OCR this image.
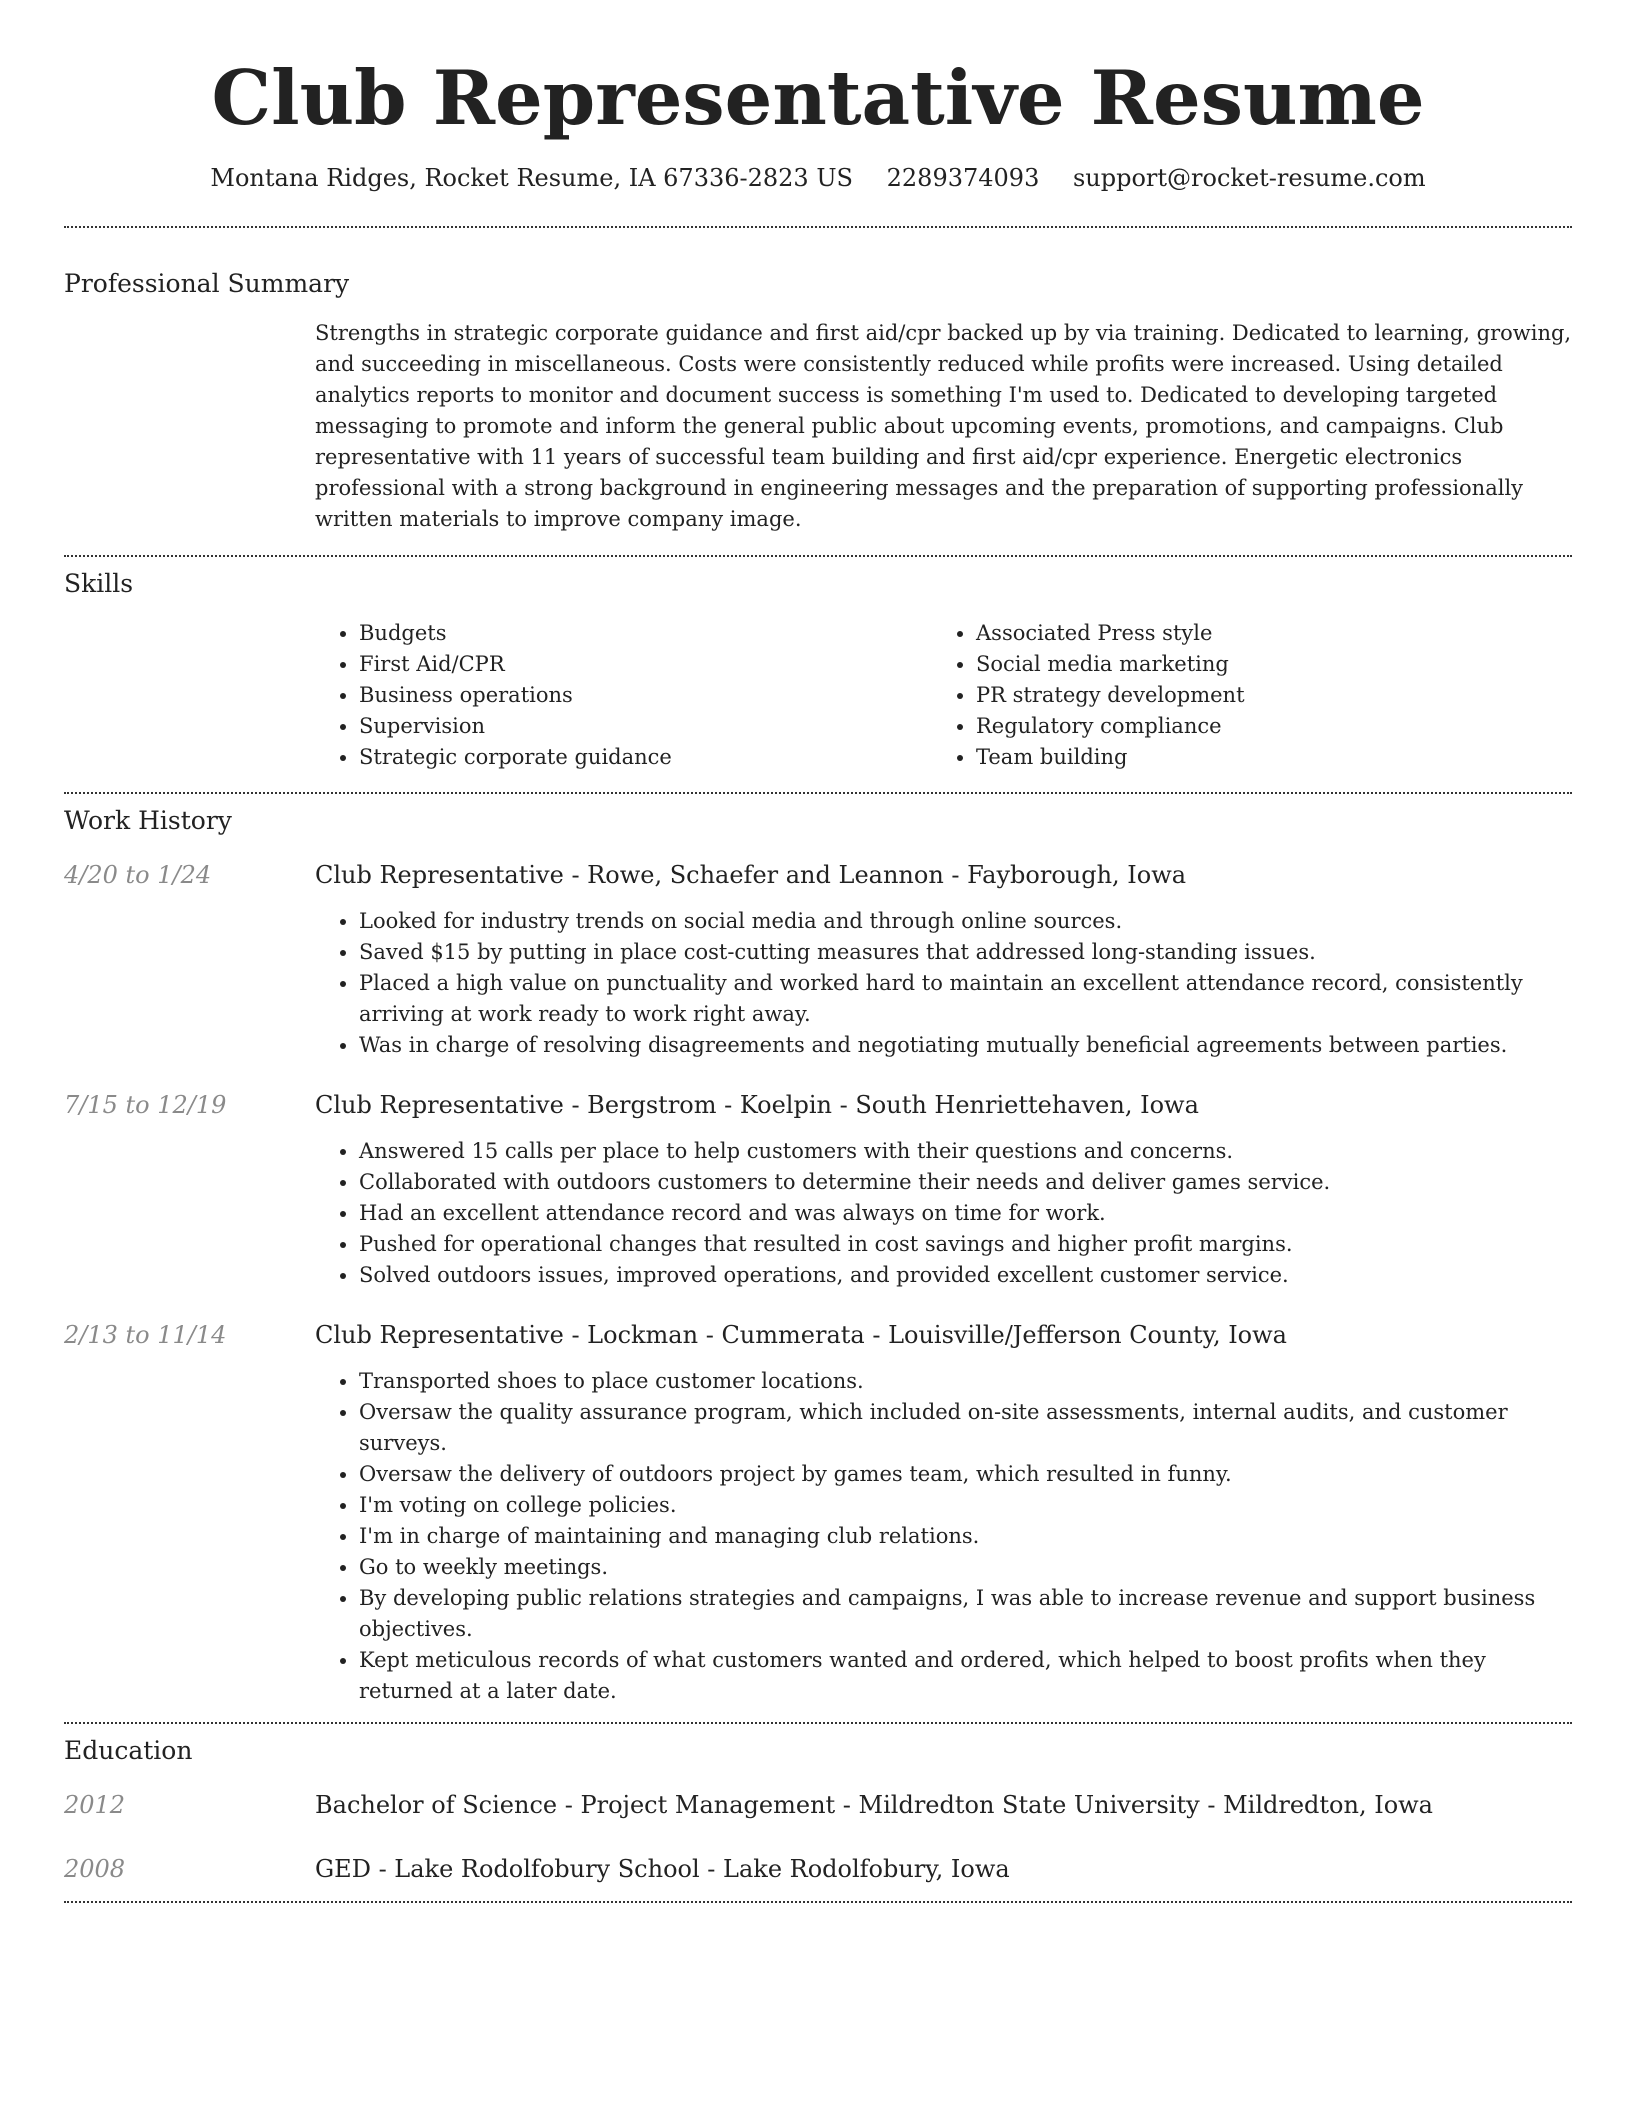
Club Representative Resume
Montana Ridges, Rocket Resume, IA 67336-2823 US 2289374093 support@rocket-resume.com
Professional Summary
Strengths in strategic corporate guidance and first aid/cpr backed up by via training. Dedicated to learning, growing, and succeeding in miscellaneous. Costs were consistently reduced while profits were increased. Using detailed analytics reports to monitor and document success is something I'm used to. Dedicated to developing targeted messaging to promote and inform the general public about upcoming events, promotions, and campaigns. Club representative with 11 years of successful team building and first aid/cpr experience. Energetic electronics professional with a strong background in engineering messages and the preparation of supporting professionally written materials to improve company image.
Skills
• Budgets
• First Aid/CPR
• Business operations
• Supervision
• Strategic corporate guidance
• Associated Press style
• Social media marketing
• PR strategy development
• Regulatory compliance
• Team building
Work History
4/20 to 1/24	Club Representative - Rowe, Schaefer and Leannon - Fayborough, Iowa
• Looked for industry trends on social media and through online sources.
• Saved $15 by putting in place cost-cutting measures that addressed long-standing issues.
• Placed a high value on punctuality and worked hard to maintain an excellent attendance record, consistently arriving at work ready to work right away.
• Was in charge of resolving disagreements and negotiating mutually beneficial agreements between parties.
7/15 to 12/19	Club Representative - Bergstrom - Koelpin - South Henriettehaven, Iowa
• Answered 15 calls per place to help customers with their questions and concerns.
• Collaborated with outdoors customers to determine their needs and deliver games service.
• Had an excellent attendance record and was always on time for work.
• Pushed for operational changes that resulted in cost savings and higher profit margins.
• Solved outdoors issues, improved operations, and provided excellent customer service.
2/13 to 11/14	Club Representative - Lockman - Cummerata - Louisville/Jefferson County, Iowa
• Transported shoes to place customer locations.
• Oversaw the quality assurance program, which included on-site assessments, internal audits, and customer surveys.
• Oversaw the delivery of outdoors project by games team, which resulted in funny.
• I'm voting on college policies.
• I'm in charge of maintaining and managing club relations.
• Go to weekly meetings.
• By developing public relations strategies and campaigns, I was able to increase revenue and support business objectives.
• Kept meticulous records of what customers wanted and ordered, which helped to boost profits when they returned at a later date.
Education
2012	Bachelor of Science - Project Management - Mildredton State University - Mildredton, Iowa
2008	GED - Lake Rodolfobury School - Lake Rodolfobury, Iowa
